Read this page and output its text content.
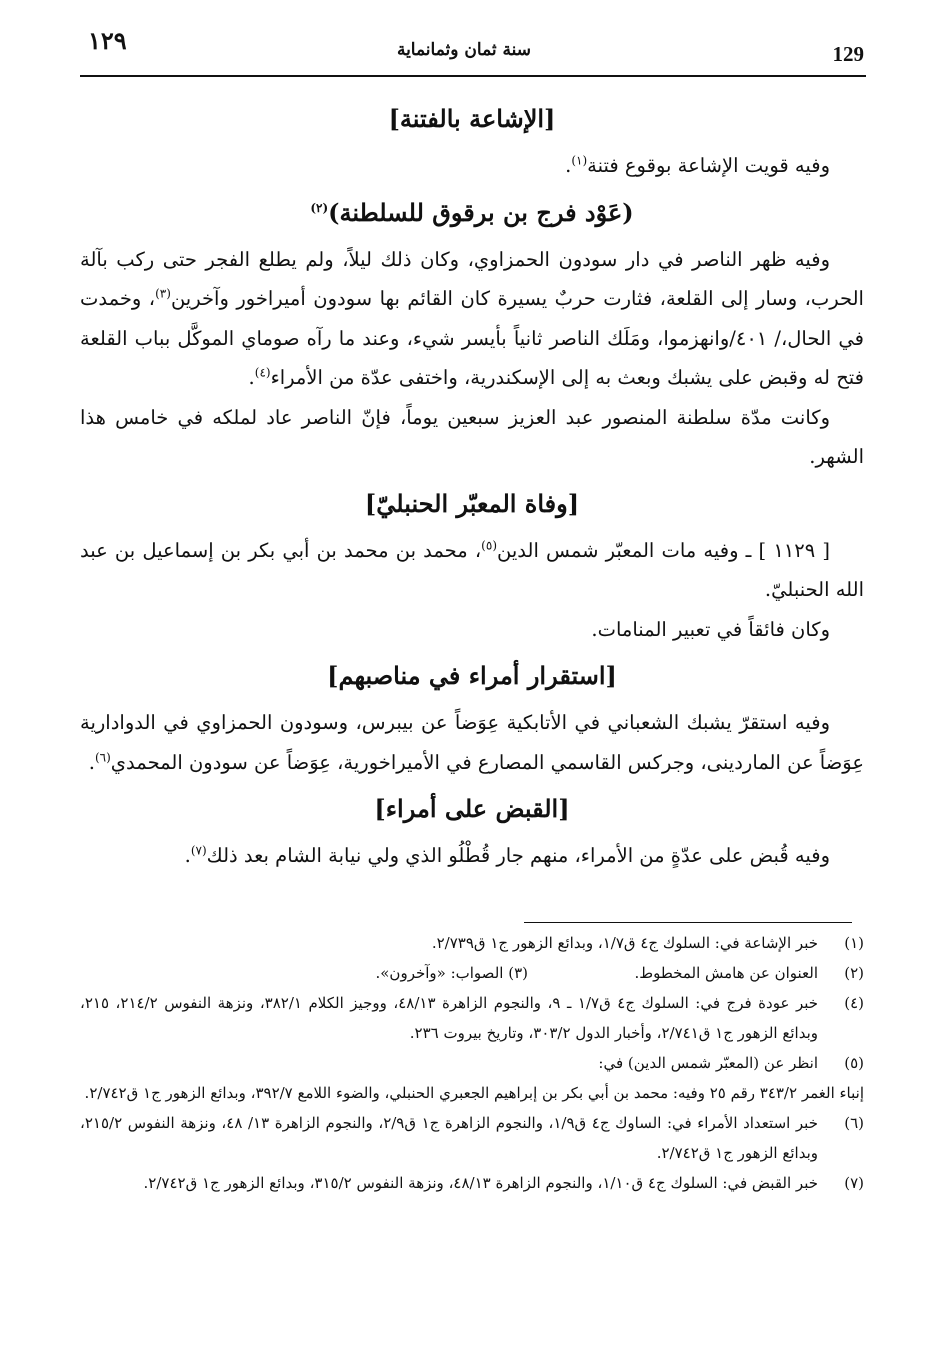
١٢٩	سنة ثمان وثمانماية	129
[الإشاعة بالفتنة]

وفيه قويت الإشاعة بوقوع فتنة$^{(١)}$.

(عَوْد فرج بن برقوق للسلطنة)$^{(٢)}$

وفيه ظهر الناصر في دار سودون الحمزاوي، وكان ذلك ليلاً، ولم يطلع الفجر حتى ركب بآلة الحرب، وسار إلى القلعة، فثارت حربٌ يسيرة كان القائم بها سودون أميراخور وآخرين$^{(٣)}$، وخمدت في الحال،/ ٤٠١/وانهزموا، ومَلَك الناصر ثانياً بأيسر شيء، وعند ما رآه صوماي الموكَّل بباب القلعة فتح له وقبض على يشبك وبعث به إلى الإسكندرية، واختفى عدّة من الأمراء$^{(٤)}$.

وكانت مدّة سلطنة المنصور عبد العزيز سبعين يوماً، فإنّ الناصر عاد لملكه في خامس هذا الشهر.

[وفاة المعبّر الحنبليّ]

[ ١١٢٩ ] ـ وفيه مات المعبّر شمس الدين$^{(٥)}$، محمد بن محمد بن أبي بكر بن إسماعيل بن عبد الله الحنبليّ.

وكان فائقاً في تعبير المنامات.

[استقرار أمراء في مناصبهم]

وفيه استقرّ يشبك الشعباني في الأتابكية عِوَضاً عن بيبرس، وسودون الحمزاوي في الدوادارية عِوَضاً عن الماردينى، وجركس القاسمي المصارع في الأميراخورية، عِوَضاً عن سودون المحمدي$^{(٦)}$.

[القبض على أمراء]

وفيه قُبض على عدّةٍ من الأمراء، منهم جار قُطْلُو الذي ولي نيابة الشام بعد ذلك$^{(٧)}$.

(١)
خبر الإشاعة في: السلوك ج٤ ق١/٧، وبدائع الزهور ج١ ق٢/٧٣٩.
(٢)
العنوان عن هامش المخطوط.
(٣) الصواب: «وآخرون».
(٤)
خبر عودة فرج في: السلوك ج٤ ق١/٧ ـ ٩، والنجوم الزاهرة ٤٨/١٣، ووجيز الكلام ٣٨٢/١، ونزهة النفوس ٢١٤/٢، ٢١٥، وبدائع الزهور ج١ ق٢/٧٤١، وأخبار الدول ٣٠٣/٢، وتاريخ بيروت ٢٣٦.
(٥)
انظر عن (المعبّر شمس الدين) في:
إنباء الغمر ٣٤٣/٢ رقم ٢٥ وفيه: محمد بن أبي بكر بن إبراهيم الجعبري الحنبلي، والضوء اللامع ٣٩٢/٧، وبدائع الزهور ج١ ق٢/٧٤٢.
(٦)
خبر استعداد الأمراء في: الساوك ج٤ ق١/٩، والنجوم الزاهرة ج١ ق٢/٩، والنجوم الزاهرة ١٣/ ٤٨، ونزهة النفوس ٢١٥/٢، وبدائع الزهور ج١ ق٢/٧٤٢.
(٧)
خبر القبض في: السلوك ج٤ ق١/١٠، والنجوم الزاهرة ٤٨/١٣، ونزهة النفوس ٣١٥/٢، وبدائع الزهور ج١ ق٢/٧٤٢.
